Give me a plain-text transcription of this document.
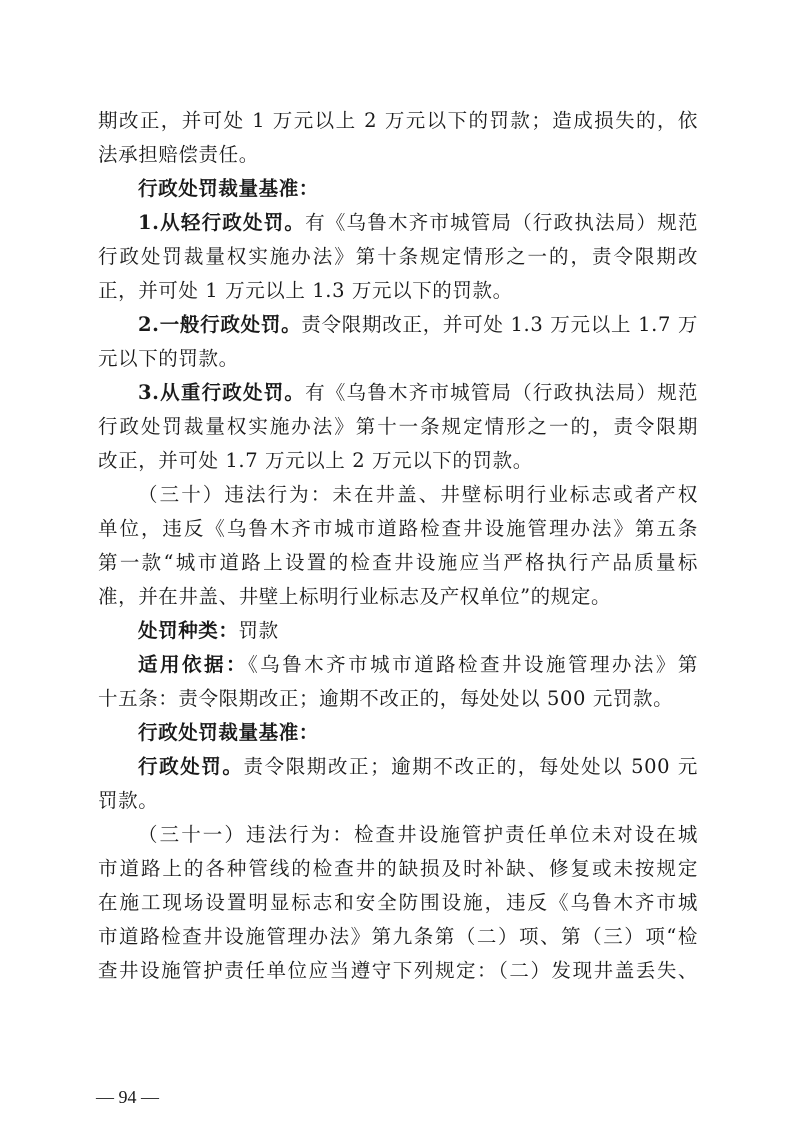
期改正，并可处 1 万元以上 2 万元以下的罚款；造成损失的，依
法承担赔偿责任。
行政处罚裁量基准：
1.从轻行政处罚。有《乌鲁木齐市城管局（行政执法局）规范
行政处罚裁量权实施办法》第十条规定情形之一的，责令限期改
正，并可处 1 万元以上 1.3 万元以下的罚款。
2.一般行政处罚。责令限期改正，并可处 1.3 万元以上 1.7 万
元以下的罚款。
3.从重行政处罚。有《乌鲁木齐市城管局（行政执法局）规范
行政处罚裁量权实施办法》第十一条规定情形之一的，责令限期
改正，并可处 1.7 万元以上 2 万元以下的罚款。
（三十）违法行为：未在井盖、井壁标明行业标志或者产权
单位，违反《乌鲁木齐市城市道路检查井设施管理办法》第五条
第一款“城市道路上设置的检查井设施应当严格执行产品质量标
准，并在井盖、井壁上标明行业标志及产权单位”的规定。
处罚种类：罚款
适用依据：《乌鲁木齐市城市道路检查井设施管理办法》第
十五条：责令限期改正；逾期不改正的，每处处以 500 元罚款。
行政处罚裁量基准：
行政处罚。责令限期改正；逾期不改正的，每处处以 500 元
罚款。
（三十一）违法行为：检查井设施管护责任单位未对设在城
市道路上的各种管线的检查井的缺损及时补缺、修复或未按规定
在施工现场设置明显标志和安全防围设施，违反《乌鲁木齐市城
市道路检查井设施管理办法》第九条第（二）项、第（三）项“检
查井设施管护责任单位应当遵守下列规定：（二）发现井盖丢失、
— 94 —
